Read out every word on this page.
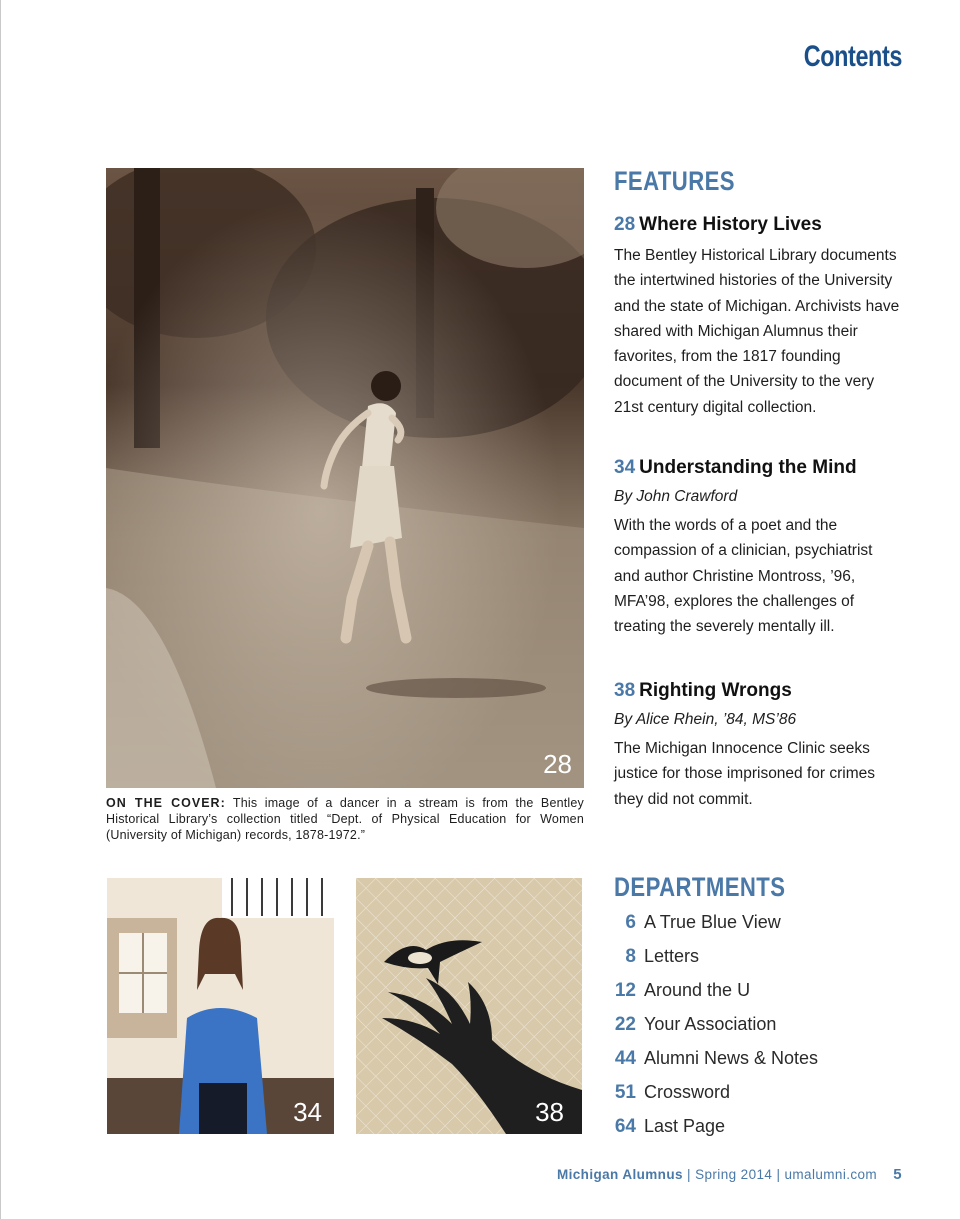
Contents
28
ON THE COVER: This image of a dancer in a stream is from the Bentley Historical Library’s collection titled “Dept. of Physical Education for Women (University of Michigan) records, 1878-1972.”
34	38
FEATURES
28 Where History Lives
The Bentley Historical Library documents the intertwined histories of the University and the state of Michigan. Archivists have shared with Michigan Alumnus their favorites, from the 1817 founding document of the University to the very 21st century digital collection.
34 Understanding the Mind
By John Crawford
With the words of a poet and the compassion of a clinician, psychiatrist and author Christine Montross, ’96, MFA’98, explores the challenges of treating the severely mentally ill.
38 Righting Wrongs
By Alice Rhein, ’84, MS’86
The Michigan Innocence Clinic seeks justice for those imprisoned for crimes they did not commit.
DEPARTMENTS
6 A True Blue View
8 Letters
12 Around the U
22 Your Association
44 Alumni News & Notes
51 Crossword
64 Last Page
Michigan Alumnus | Spring 2014 | umalumni.com 5
